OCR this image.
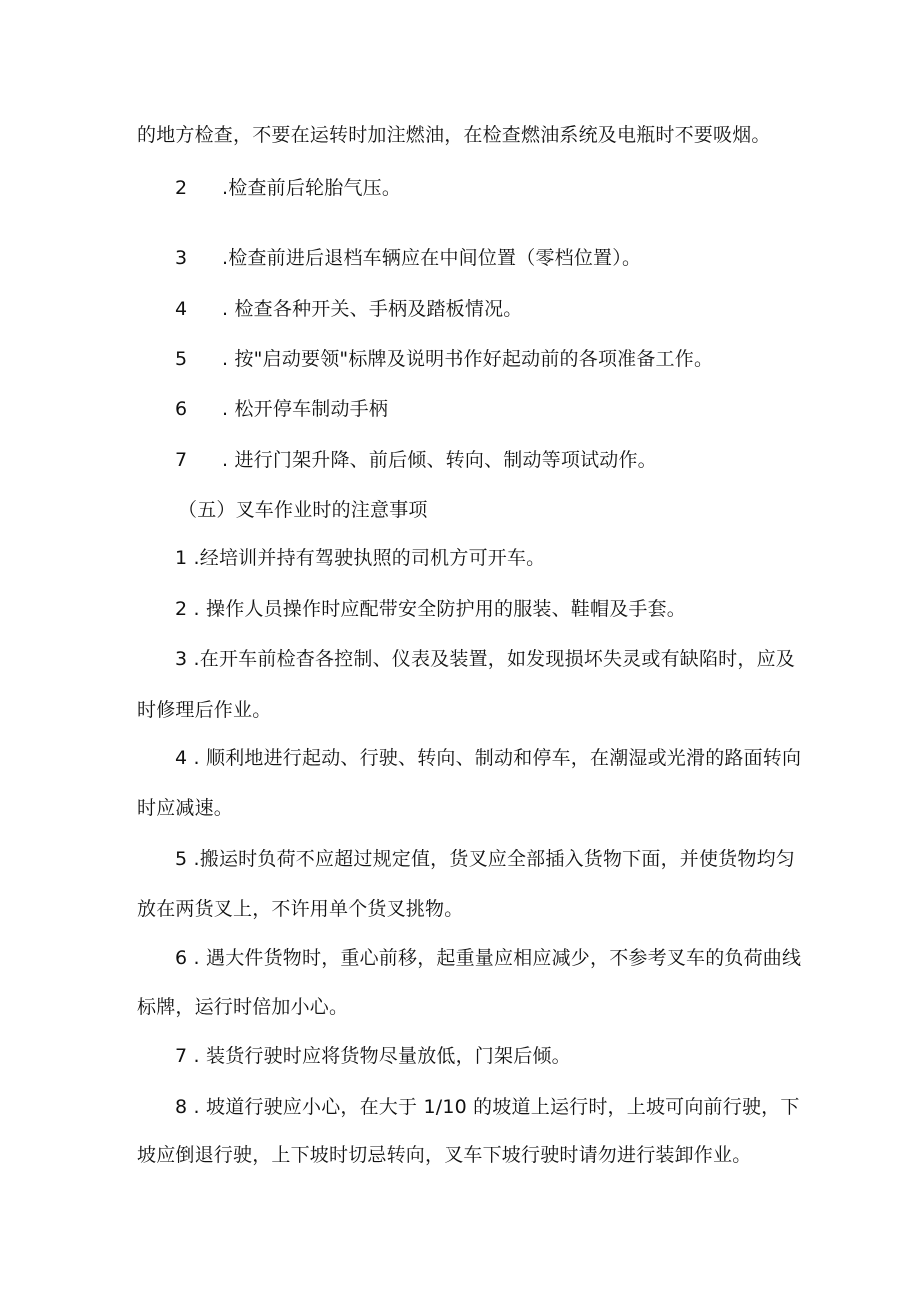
的地方检查，不要在运转时加注燃油，在检查燃油系统及电瓶时不要吸烟。
2 .检查前后轮胎气压。
3 .检查前进后退档车辆应在中间位置（零档位置）。
4 . 检查各种开关、手柄及踏板情况。
5 . 按"启动要领"标牌及说明书作好起动前的各项准备工作。
6 . 松开停车制动手柄
7 . 进行门架升降、前后倾、转向、制动等项试动作。
（五）叉车作业时的注意事项
1 .经培训并持有驾驶执照的司机方可开车。
2 . 操作人员操作时应配带安全防护用的服装、鞋帽及手套。
3 .在开车前检杳各控制、仪表及装置，如发现损坏失灵或有缺陷时，应及
时修理后作业。
4 . 顺利地进行起动、行驶、转向、制动和停车，在潮湿或光滑的路面转向
时应减速。
5 .搬运时负荷不应超过规定值，货叉应全部插入货物下面，并使货物均匀
放在两货叉上，不许用单个货叉挑物。
6 . 遇大件货物时，重心前移，起重量应相应减少，不参考叉车的负荷曲线
标牌，运行时倍加小心。
7 . 装货行驶时应将货物尽量放低，门架后倾。
8 . 坡道行驶应小心，在大于 1/10 的坡道上运行时，上坡可向前行驶，下
坡应倒退行驶，上下坡时切忌转向，叉车下坡行驶时请勿进行装卸作业。
